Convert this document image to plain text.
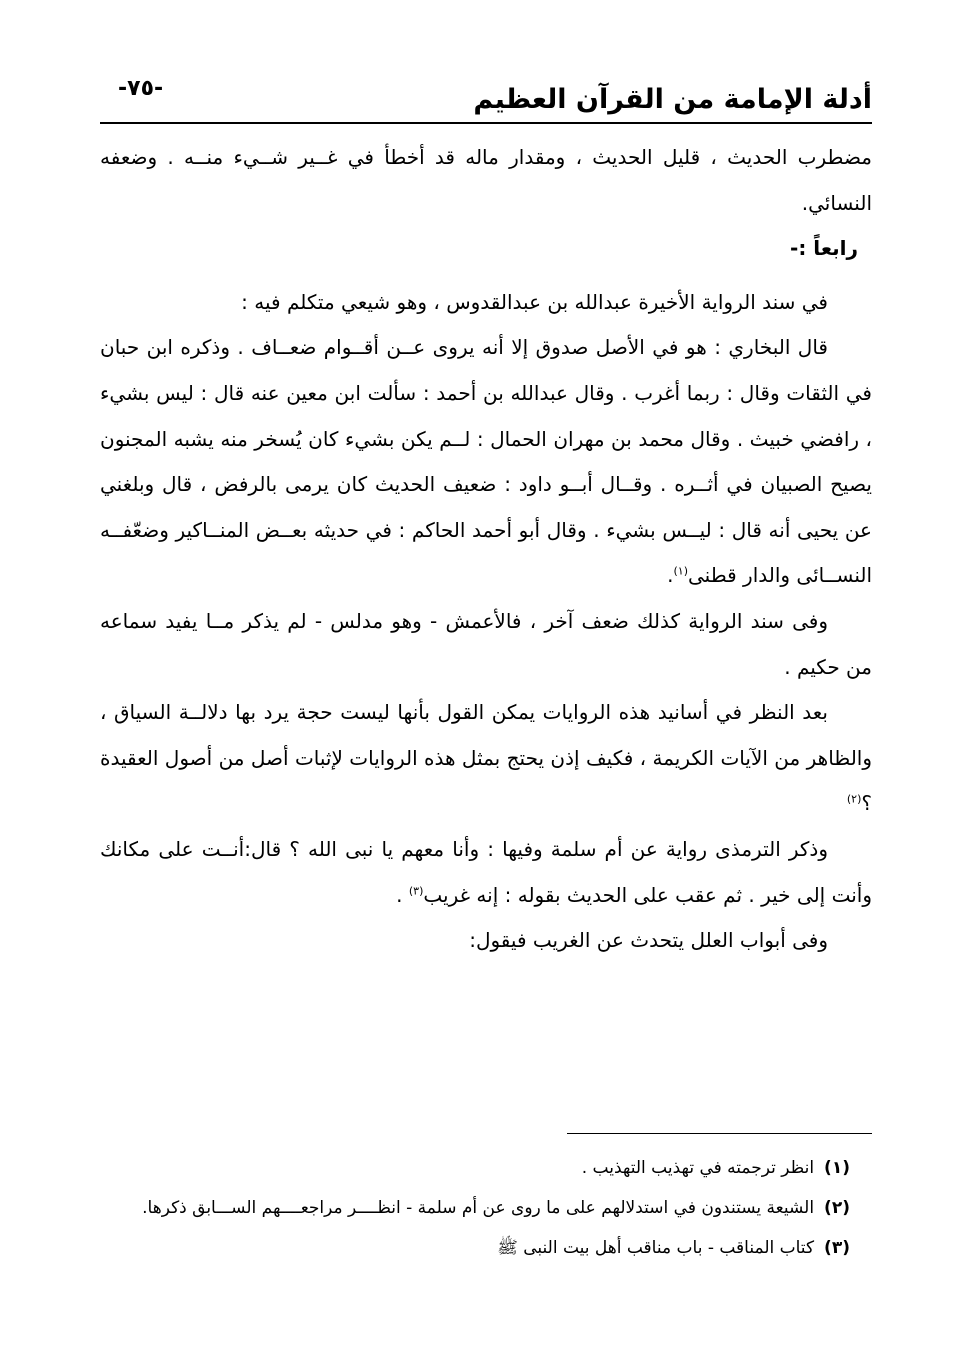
-٧٥-	أدلة الإمامة من القرآن العظيم

مضطرب الحديث ، قليل الحديث ، ومقدار ماله قد أخطأ في غــير شــيء منــه . وضعفه النسائي.

رابعاً :-

في سند الرواية الأخيرة عبدالله بن عبدالقدوس ، وهو شيعي متكلم فيه :

قال البخاري : هو في الأصل صدوق إلا أنه يروى عــن أقــوام ضعــاف . وذكره ابن حبان في الثقات وقال : ربما أغرب . وقال عبدالله بن أحمد : سألت ابن معين عنه قال : ليس بشيء ، رافضي خبيث . وقال محمد بن مهران الحمال : لــم يكن بشيء كان يُسخر منه يشبه المجنون يصيح الصبيان في أثــره . وقــال أبــو داود : ضعيف الحديث كان يرمى بالرفض ، قال وبلغني عن يحيى أنه قال : ليــس بشيء . وقال أبو أحمد الحاكم : في حديثه بعــض المنــاكير وضعّفــه النســائى والدار قطنى$^{(١)}$.

وفى سند الرواية كذلك ضعف آخر ، فالأعمش - وهو مدلس - لم يذكر مــا يفيد سماعه من حكيم .

بعد النظر في أسانيد هذه الروايات يمكن القول بأنها ليست حجة يرد بها دلالــة السياق ، والظاهر من الآيات الكريمة ، فكيف إذن يحتج بمثل هذه الروايات لإثبات أصل من أصول العقيدة ؟$^{(٢)}$

وذكر الترمذى رواية عن أم سلمة وفيها : وأنا معهم يا نبى الله ؟ قال:أنــت على مكانك وأنت إلى خير . ثم عقب على الحديث بقوله : إنه غريب$^{(٣)}$ .

وفى أبواب العلل يتحدث عن الغريب فيقول:

(١)انظر ترجمته في تهذيب التهذيب .

(٢)الشيعة يستندون في استدلالهم على ما روى عن أم سلمة - انظــــر مراجعــــهم الســـابق ذكرها.

(٣)كتاب المناقب - باب مناقب أهل بيت النبى ﷺ
